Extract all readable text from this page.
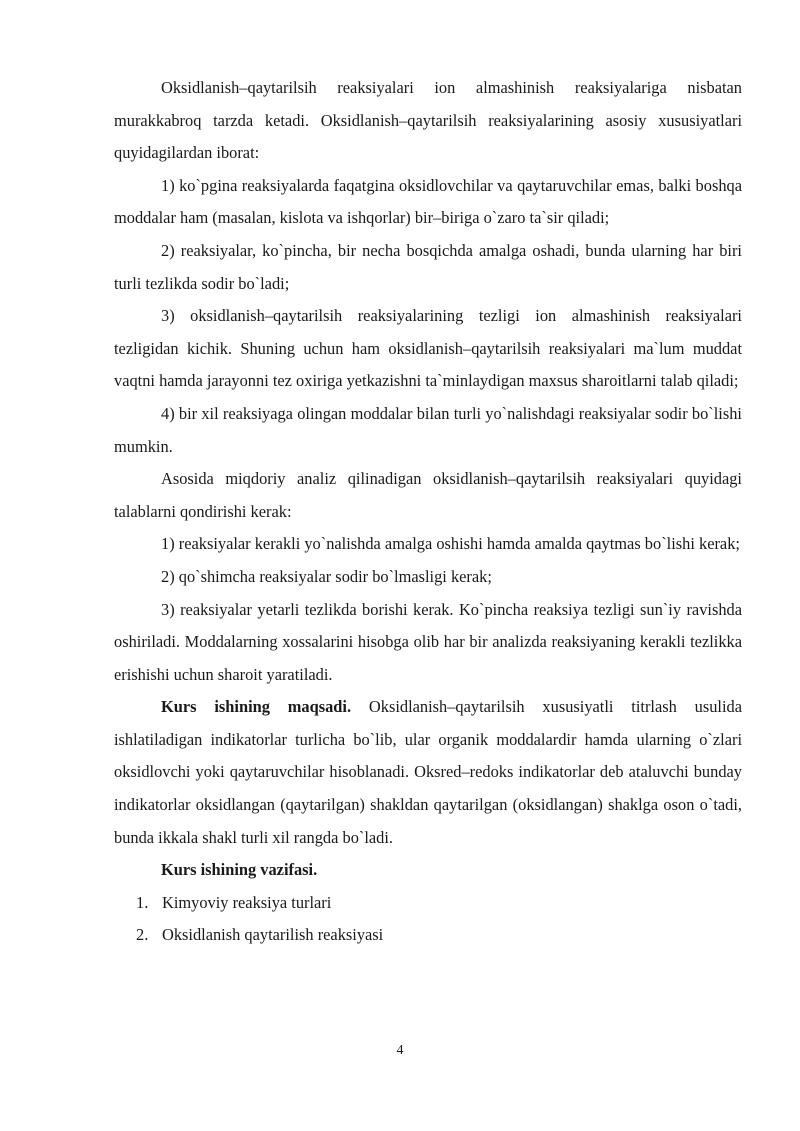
Oksidlanish–qaytarilsih reaksiyalari ion almashinish reaksiyalariga nisbatan murakkabroq tarzda ketadi. Oksidlanish–qaytarilsih reaksiyalarining asosiy xususiyatlari quyidagilardan iborat:

1) ko`pgina reaksiyalarda faqatgina oksidlovchilar va qaytaruvchilar emas, balki boshqa moddalar ham (masalan, kislota va ishqorlar) bir–biriga o`zaro ta`sir qiladi;

2) reaksiyalar, ko`pincha, bir necha bosqichda amalga oshadi, bunda ularning har biri turli tezlikda sodir bo`ladi;

3) oksidlanish–qaytarilsih reaksiyalarining tezligi ion almashinish reaksiyalari tezligidan kichik. Shuning uchun ham oksidlanish–qaytarilsih reaksiyalari ma`lum muddat vaqtni hamda jarayonni tez oxiriga yetkazishni ta`minlaydigan maxsus sharoitlarni talab qiladi;

4) bir xil reaksiyaga olingan moddalar bilan turli yo`nalishdagi reaksiyalar sodir bo`lishi mumkin.

Asosida miqdoriy analiz qilinadigan oksidlanish–qaytarilsih reaksiyalari quyidagi talablarni qondirishi kerak:

1) reaksiyalar kerakli yo`nalishda amalga oshishi hamda amalda qaytmas bo`lishi kerak;

2) qo`shimcha reaksiyalar sodir bo`lmasligi kerak;

3) reaksiyalar yetarli tezlikda borishi kerak. Ko`pincha reaksiya tezligi sun`iy ravishda oshiriladi. Moddalarning xossalarini hisobga olib har bir analizda reaksiyaning kerakli tezlikka erishishi uchun sharoit yaratiladi.

Kurs ishining maqsadi. Oksidlanish–qaytarilsih xususiyatli titrlash usulida ishlatiladigan indikatorlar turlicha bo`lib, ular organik moddalardir hamda ularning o`zlari oksidlovchi yoki qaytaruvchilar hisoblanadi. Oksred–redoks indikatorlar deb ataluvchi bunday indikatorlar oksidlangan (qaytarilgan) shakldan qaytarilgan (oksidlangan) shaklga oson o`tadi, bunda ikkala shakl turli xil rangda bo`ladi.

Kurs ishining vazifasi.

1. Kimyoviy reaksiya turlari

2. Oksidlanish qaytarilish reaksiyasi

4
